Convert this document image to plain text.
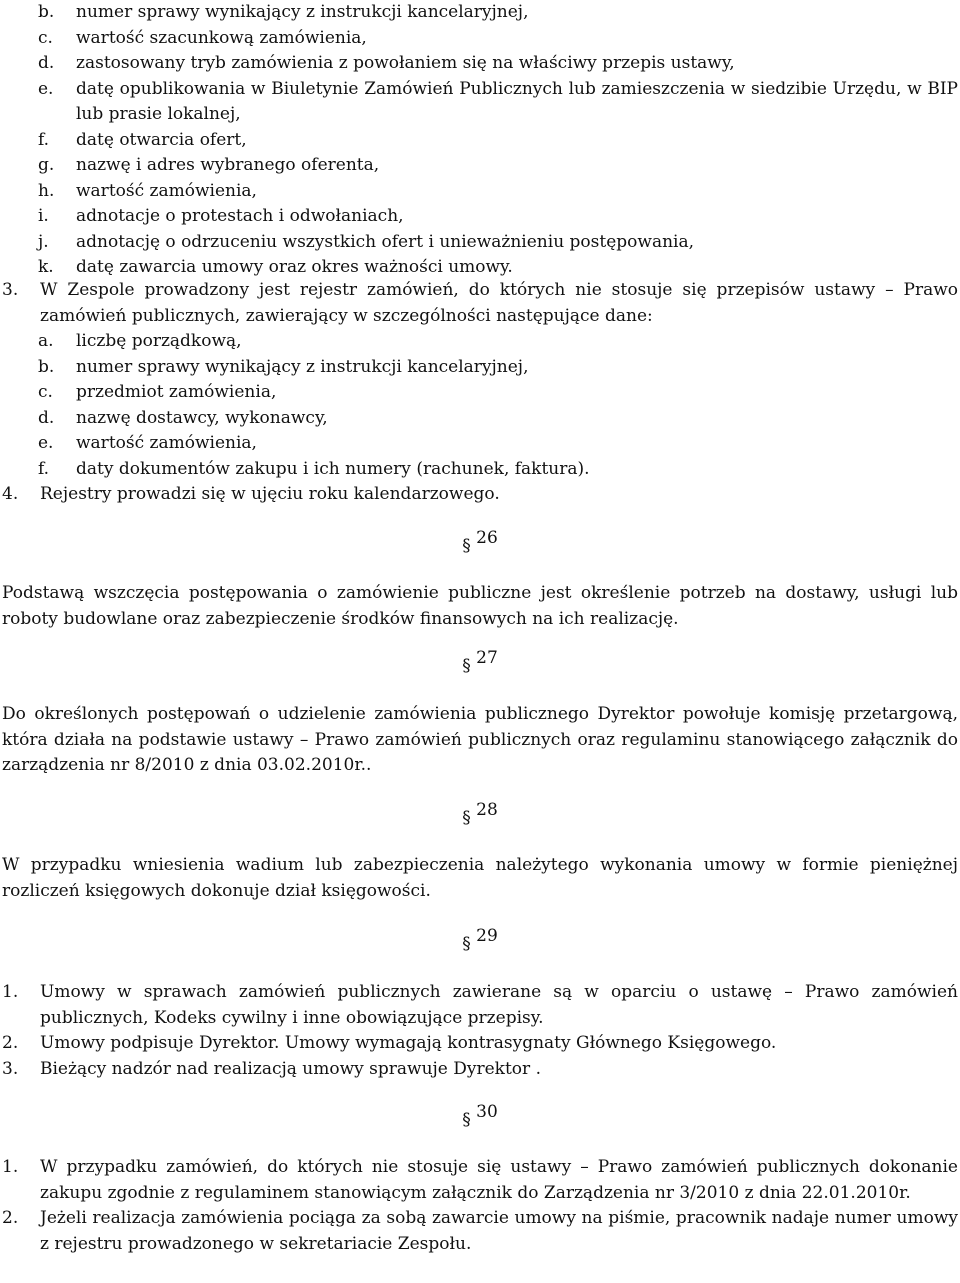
b. numer sprawy wynikający z instrukcji kancelaryjnej,
c. wartość szacunkową zamówienia,
d. zastosowany tryb zamówienia z powołaniem się na właściwy przepis ustawy,
e. datę opublikowania w Biuletynie Zamówień Publicznych lub zamieszczenia w siedzibie Urzędu, w BIP lub prasie lokalnej,
f. datę otwarcia ofert,
g. nazwę i adres wybranego oferenta,
h. wartość zamówienia,
i. adnotacje o protestach i odwołaniach,
j. adnotację o odrzuceniu wszystkich ofert i unieważnieniu postępowania,
k. datę zawarcia umowy oraz okres ważności umowy.
3. W Zespole prowadzony jest rejestr zamówień, do których nie stosuje się przepisów ustawy – Prawo zamówień publicznych, zawierający w szczególności następujące dane:
a. liczbę porządkową,
b. numer sprawy wynikający z instrukcji kancelaryjnej,
c. przedmiot zamówienia,
d. nazwę dostawcy, wykonawcy,
e. wartość zamówienia,
f. daty dokumentów zakupu i ich numery (rachunek, faktura).
4. Rejestry prowadzi się w ujęciu roku kalendarzowego.
§ 26
Podstawą wszczęcia postępowania o zamówienie publiczne jest określenie potrzeb na dostawy, usługi lub roboty budowlane oraz zabezpieczenie środków finansowych na ich realizację.
§ 27
Do określonych postępowań o udzielenie zamówienia publicznego Dyrektor powołuje komisję przetargową, która działa na podstawie ustawy – Prawo zamówień publicznych oraz regulaminu stanowiącego załącznik do zarządzenia nr 8/2010 z dnia 03.02.2010r..
§ 28
W przypadku wniesienia wadium lub zabezpieczenia należytego wykonania umowy w formie pieniężnej rozliczeń księgowych dokonuje dział księgowości.
§ 29
1. Umowy w sprawach zamówień publicznych zawierane są w oparciu o ustawę – Prawo zamówień publicznych, Kodeks cywilny i inne obowiązujące przepisy.
2. Umowy podpisuje Dyrektor. Umowy wymagają kontrasygnaty Głównego Księgowego.
3. Bieżący nadzór nad realizacją umowy sprawuje Dyrektor .
§ 30
1. W przypadku zamówień, do których nie stosuje się ustawy – Prawo zamówień publicznych dokonanie zakupu zgodnie z regulaminem stanowiącym załącznik do Zarządzenia nr 3/2010 z dnia 22.01.2010r.
2. Jeżeli realizacja zamówienia pociąga za sobą zawarcie umowy na piśmie, pracownik nadaje numer umowy z rejestru prowadzonego w sekretariacie Zespołu.
